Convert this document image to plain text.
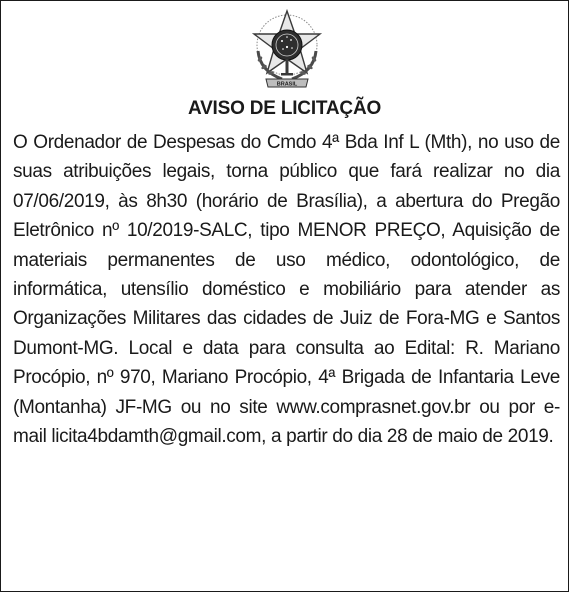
BRASIL
AVISO DE LICITAÇÃO

O Ordenador de Despesas do Cmdo 4ª Bda Inf L (Mth), no uso de suas atribuições legais, torna público que fará realizar no dia 07/06/2019, às 8h30 (horário de Brasília), a abertura do Pregão Eletrônico nº 10/2019-SALC, tipo MENOR PREÇO, Aquisição de materiais permanentes de uso médico, odontológico, de informática, utensílio doméstico e mobiliário para atender as Organizações Militares das cidades de Juiz de Fora-MG e Santos Dumont-MG. Local e data para consulta ao Edital: R. Mariano Procópio, nº 970, Mariano Procópio, 4ª Brigada de Infantaria Leve (Montanha) JF-MG ou no site www.comprasnet.gov.br ou por e-mail licita4bdamth@gmail.com, a partir do dia 28 de maio de 2019.
